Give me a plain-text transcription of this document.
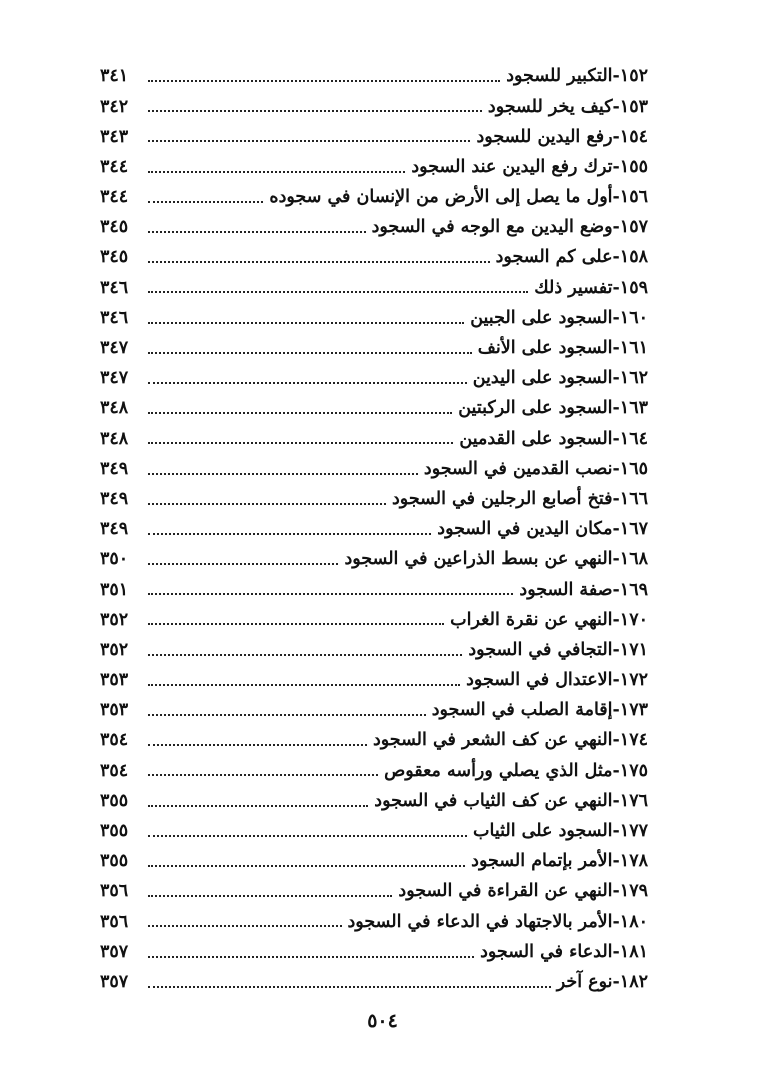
١٥٢
-
التكبير للسجود
٣٤١
١٥٣
-
كيف يخر للسجود
٣٤٢
١٥٤
-
رفع اليدين للسجود
٣٤٣
١٥٥
-
ترك رفع اليدين عند السجود
٣٤٤
١٥٦
-
أول ما يصل إلى الأرض من الإنسان في سجوده
٣٤٤
١٥٧
-
وضع اليدين مع الوجه في السجود
٣٤٥
١٥٨
-
على كم السجود
٣٤٥
١٥٩
-
تفسير ذلك
٣٤٦
١٦٠
-
السجود على الجبين
٣٤٦
١٦١
-
السجود على الأنف
٣٤٧
١٦٢
-
السجود على اليدين
٣٤٧
١٦٣
-
السجود على الركبتين
٣٤٨
١٦٤
-
السجود على القدمين
٣٤٨
١٦٥
-
نصب القدمين في السجود
٣٤٩
١٦٦
-
فتخ أصابع الرجلين في السجود
٣٤٩
١٦٧
-
مكان اليدين في السجود
٣٤٩
١٦٨
-
النهي عن بسط الذراعين في السجود
٣٥٠
١٦٩
-
صفة السجود
٣٥١
١٧٠
-
النهي عن نقرة الغراب
٣٥٢
١٧١
-
التجافي في السجود
٣٥٢
١٧٢
-
الاعتدال في السجود
٣٥٣
١٧٣
-
إقامة الصلب في السجود
٣٥٣
١٧٤
-
النهي عن كف الشعر في السجود
٣٥٤
١٧٥
-
مثل الذي يصلي ورأسه معقوص
٣٥٤
١٧٦
-
النهي عن كف الثياب في السجود
٣٥٥
١٧٧
-
السجود على الثياب
٣٥٥
١٧٨
-
الأمر بإتمام السجود
٣٥٥
١٧٩
-
النهي عن القراءة في السجود
٣٥٦
١٨٠
-
الأمر بالاجتهاد في الدعاء في السجود
٣٥٦
١٨١
-
الدعاء في السجود
٣٥٧
١٨٢
-
نوع آخر
٣٥٧
٥٠٤
